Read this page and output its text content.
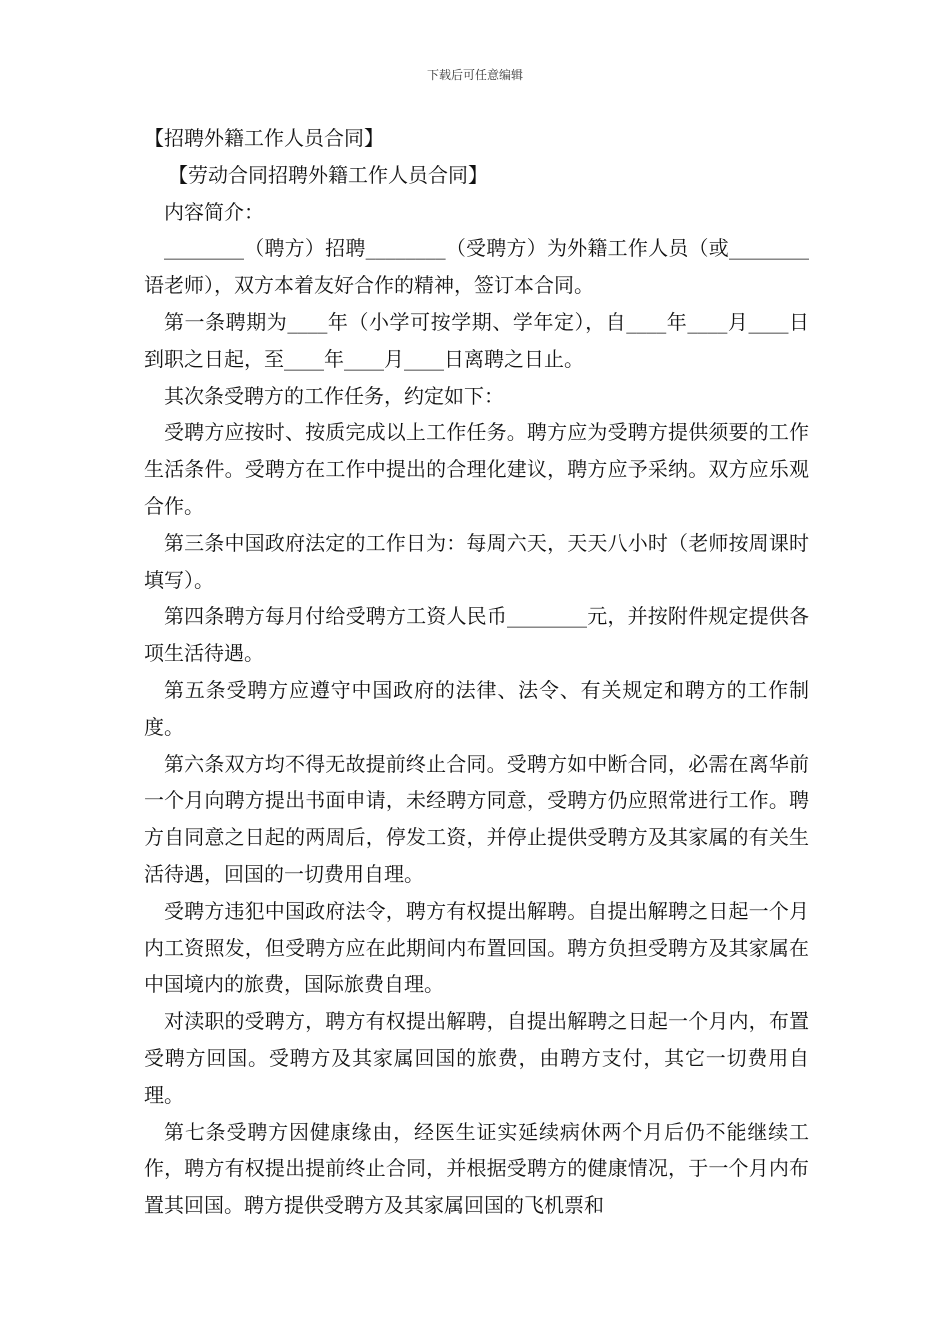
下载后可任意编辑

【招聘外籍工作人员合同】

【劳动合同招聘外籍工作人员合同】

内容简介：

________（聘方）招聘________（受聘方）为外籍工作人员（或________语老师），双方本着友好合作的精神，签订本合同。

第一条聘期为____年（小学可按学期、学年定），自____年____月____日到职之日起，至____年____月____日离聘之日止。

其次条受聘方的工作任务，约定如下：

受聘方应按时、按质完成以上工作任务。聘方应为受聘方提供须要的工作生活条件。受聘方在工作中提出的合理化建议，聘方应予采纳。双方应乐观合作。

第三条中国政府法定的工作日为：每周六天，天天八小时（老师按周课时填写）。

第四条聘方每月付给受聘方工资人民币________元，并按附件规定提供各项生活待遇。

第五条受聘方应遵守中国政府的法律、法令、有关规定和聘方的工作制度。

第六条双方均不得无故提前终止合同。受聘方如中断合同，必需在离华前一个月向聘方提出书面申请，未经聘方同意，受聘方仍应照常进行工作。聘方自同意之日起的两周后，停发工资，并停止提供受聘方及其家属的有关生活待遇，回国的一切费用自理。

受聘方违犯中国政府法令，聘方有权提出解聘。自提出解聘之日起一个月内工资照发，但受聘方应在此期间内布置回国。聘方负担受聘方及其家属在中国境内的旅费，国际旅费自理。

对渎职的受聘方，聘方有权提出解聘，自提出解聘之日起一个月内，布置受聘方回国。受聘方及其家属回国的旅费，由聘方支付，其它一切费用自理。

第七条受聘方因健康缘由，经医生证实延续病休两个月后仍不能继续工作，聘方有权提出提前终止合同，并根据受聘方的健康情况，于一个月内布置其回国。聘方提供受聘方及其家属回国的飞机票和
